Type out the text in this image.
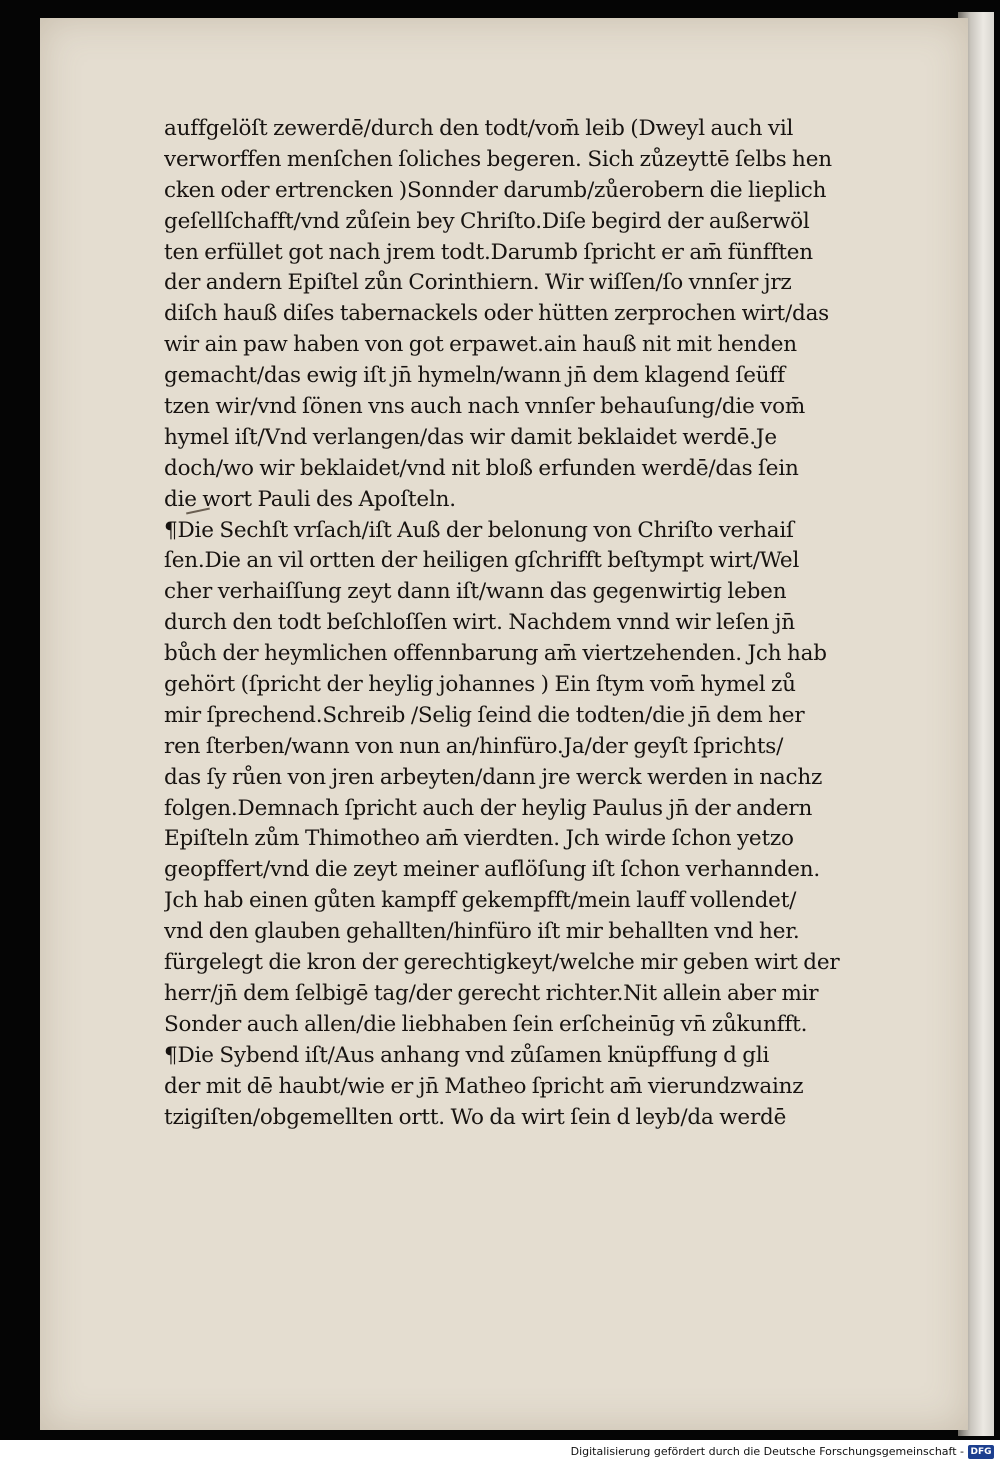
auffgelöſt zewerdē/durch den todt/vom̄ leib (Dweyl auch vil
verworffen menſchen ſoliches begeren. Sich zůzeyttē ſelbs hen
cken oder ertrencken )Sonnder darumb/zůerobern die lieplich
geſellſchafft/vnd zůſein bey Chriſto.Diſe begird der außerwöl
ten erfüllet got nach jrem todt.Darumb ſpricht er am̄ fünfften
der andern Epiſtel zůn Corinthiern. Wir wiſſen/ſo vnnſer jrz
diſch hauß diſes tabernackels oder hütten zerprochen wirt/das
wir ain paw haben von got erpawet.ain hauß nit mit henden
gemacht/das ewig iſt jn̄ hymeln/wann jn̄ dem klagend ſeüff
tzen wir/vnd ſönen vns auch nach vnnſer behauſung/die vom̄
hymel iſt/Vnd verlangen/das wir damit beklaidet werdē.Je
doch/wo wir beklaidet/vnd nit bloß erfunden werdē/das ſein
die wort Pauli des Apoſteln.
¶Die Sechſt vrſach/iſt Auß der belonung von Chriſto verhaiſ
ſen.Die an vil ortten der heiligen gſchrifft beſtympt wirt/Wel
cher verhaiſſung zeyt dann iſt/wann das gegenwirtig leben
durch den todt beſchloſſen wirt. Nachdem vnnd wir leſen jn̄
bůch der heymlichen offennbarung am̄ viertzehenden. Jch hab
gehört (ſpricht der heylig johannes ) Ein ſtym vom̄ hymel zů
mir ſprechend.Schreib /Selig ſeind die todten/die jn̄ dem her
ren ſterben/wann von nun an/hinfüro.Ja/der geyſt ſprichts/
das ſy růen von jren arbeyten/dann jre werck werden in nachz
folgen.Demnach ſpricht auch der heylig Paulus jn̄ der andern
Epiſteln zům Thimotheo am̄ vierdten. Jch wirde ſchon yetzo
geopffert/vnd die zeyt meiner auflöſung iſt ſchon verhannden.
Jch hab einen gůten kampff gekempfft/mein lauff vollendet/
vnd den glauben gehallten/hinfüro iſt mir behallten vnd her.
fürgelegt die kron der gerechtigkeyt/welche mir geben wirt der
herr/jn̄ dem ſelbigē tag/der gerecht richter.Nit allein aber mir
Sonder auch allen/die liebhaben ſein erſcheinūg vn̄ zůkunfft.
¶Die Sybend iſt/Aus anhang vnd zůſamen knüpffung d gli
der mit dē haubt/wie er jn̄ Matheo ſpricht am̄ vierundzwainz
tzigiſten/obgemellten ortt. Wo da wirt ſein d leyb/da werdē
Digitalisierung gefördert durch die Deutsche Forschungsgemeinschaft - DFG
